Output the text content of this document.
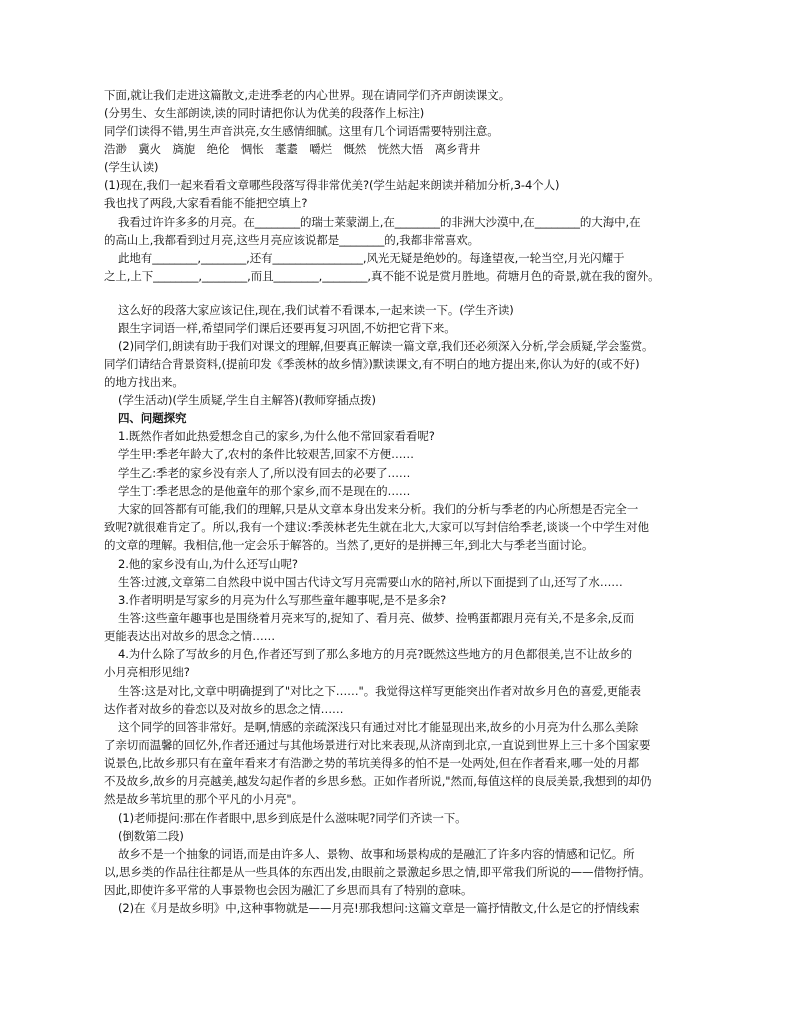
下面,就让我们走进这篇散文,走进季老的内心世界。现在请同学们齐声朗读课文。
(分男生、女生部朗读,读的同时请把你认为优美的段落作上标注)
同学们读得不错,男生声音洪亮,女生感情细腻。这里有几个词语需要特别注意。
浩渺　冀火　旖旎　绝伦　惆怅　耄耋　嚼烂　慨然　恍然大悟　离乡背井
(学生认读)
(1)现在,我们一起来看看文章哪些段落写得非常优美?(学生站起来朗读并稍加分析,3-4个人)
我也找了两段,大家看看能不能把空填上?
我看过许许多多的月亮。在________的瑞士莱蒙湖上,在________的非洲大沙漠中,在________的大海中,在
的高山上,我都看到过月亮,这些月亮应该说都是________的,我都非常喜欢。
此地有________,________,还有________________,风光无疑是绝妙的。每逢望夜,一轮当空,月光闪耀于
之上,上下________,________,而且________,________,真不能不说是赏月胜地。荷塘月色的奇景,就在我的窗外。
这么好的段落大家应该记住,现在,我们试着不看课本,一起来读一下。(学生齐读)
跟生字词语一样,希望同学们课后还要再复习巩固,不妨把它背下来。
(2)同学们,朗读有助于我们对课文的理解,但要真正解读一篇文章,我们还必须深入分析,学会质疑,学会鉴赏。
同学们请结合背景资料,(提前印发《季羡林的故乡情》)默读课文,有不明白的地方提出来,你认为好的(或不好)
的地方找出来。
(学生活动)(学生质疑,学生自主解答)(教师穿插点拨)
四、问题探究
1.既然作者如此热爱想念自己的家乡,为什么他不常回家看看呢?
学生甲:季老年龄大了,农村的条件比较艰苦,回家不方便……
学生乙:季老的家乡没有亲人了,所以没有回去的必要了……
学生丁:季老思念的是他童年的那个家乡,而不是现在的……
大家的回答都有可能,我们的理解,只是从文章本身出发来分析。我们的分析与季老的内心所想是否完全一
致呢?就很难肯定了。所以,我有一个建议:季羡林老先生就在北大,大家可以写封信给季老,谈谈一个中学生对他
的文章的理解。我相信,他一定会乐于解答的。当然了,更好的是拼搏三年,到北大与季老当面讨论。
2.他的家乡没有山,为什么还写山呢?
生答:过渡,文章第二自然段中说中国古代诗文写月亮需要山水的陪衬,所以下面提到了山,还写了水……
3.作者明明是写家乡的月亮为什么写那些童年趣事呢,是不是多余?
生答:这些童年趣事也是围绕着月亮来写的,捉知了、看月亮、做梦、捡鸭蛋都跟月亮有关,不是多余,反而
更能表达出对故乡的思念之情……
4.为什么除了写故乡的月色,作者还写到了那么多地方的月亮?既然这些地方的月色都很美,岂不让故乡的
小月亮相形见绌?
生答:这是对比,文章中明确提到了"对比之下……"。我觉得这样写更能突出作者对故乡月色的喜爱,更能表
达作者对故乡的眷恋以及对故乡的思念之情……
这个同学的回答非常好。是啊,情感的亲疏深浅只有通过对比才能显现出来,故乡的小月亮为什么那么美除
了亲切而温馨的回忆外,作者还通过与其他场景进行对比来表现,从济南到北京,一直说到世界上三十多个国家要
说景色,比故乡那只有在童年看来才有浩渺之势的苇坑美得多的怕不是一处两处,但在作者看来,哪一处的月都
不及故乡,故乡的月亮越美,越发勾起作者的乡思乡愁。正如作者所说,"然而,每值这样的良辰美景,我想到的却仍
然是故乡苇坑里的那个平凡的小月亮"。
(1)老师提问:那在作者眼中,思乡到底是什么滋味呢?同学们齐读一下。
(倒数第二段)
故乡不是一个抽象的词语,而是由许多人、景物、故事和场景构成的是融汇了许多内容的情感和记忆。所
以,思乡类的作品往往都是从一些具体的东西出发,由眼前之景激起乡思之情,即平常我们所说的——借物抒情。
因此,即使许多平常的人事景物也会因为融汇了乡思而具有了特别的意味。
(2)在《月是故乡明》中,这种事物就是——月亮!那我想问:这篇文章是一篇抒情散文,什么是它的抒情线索
